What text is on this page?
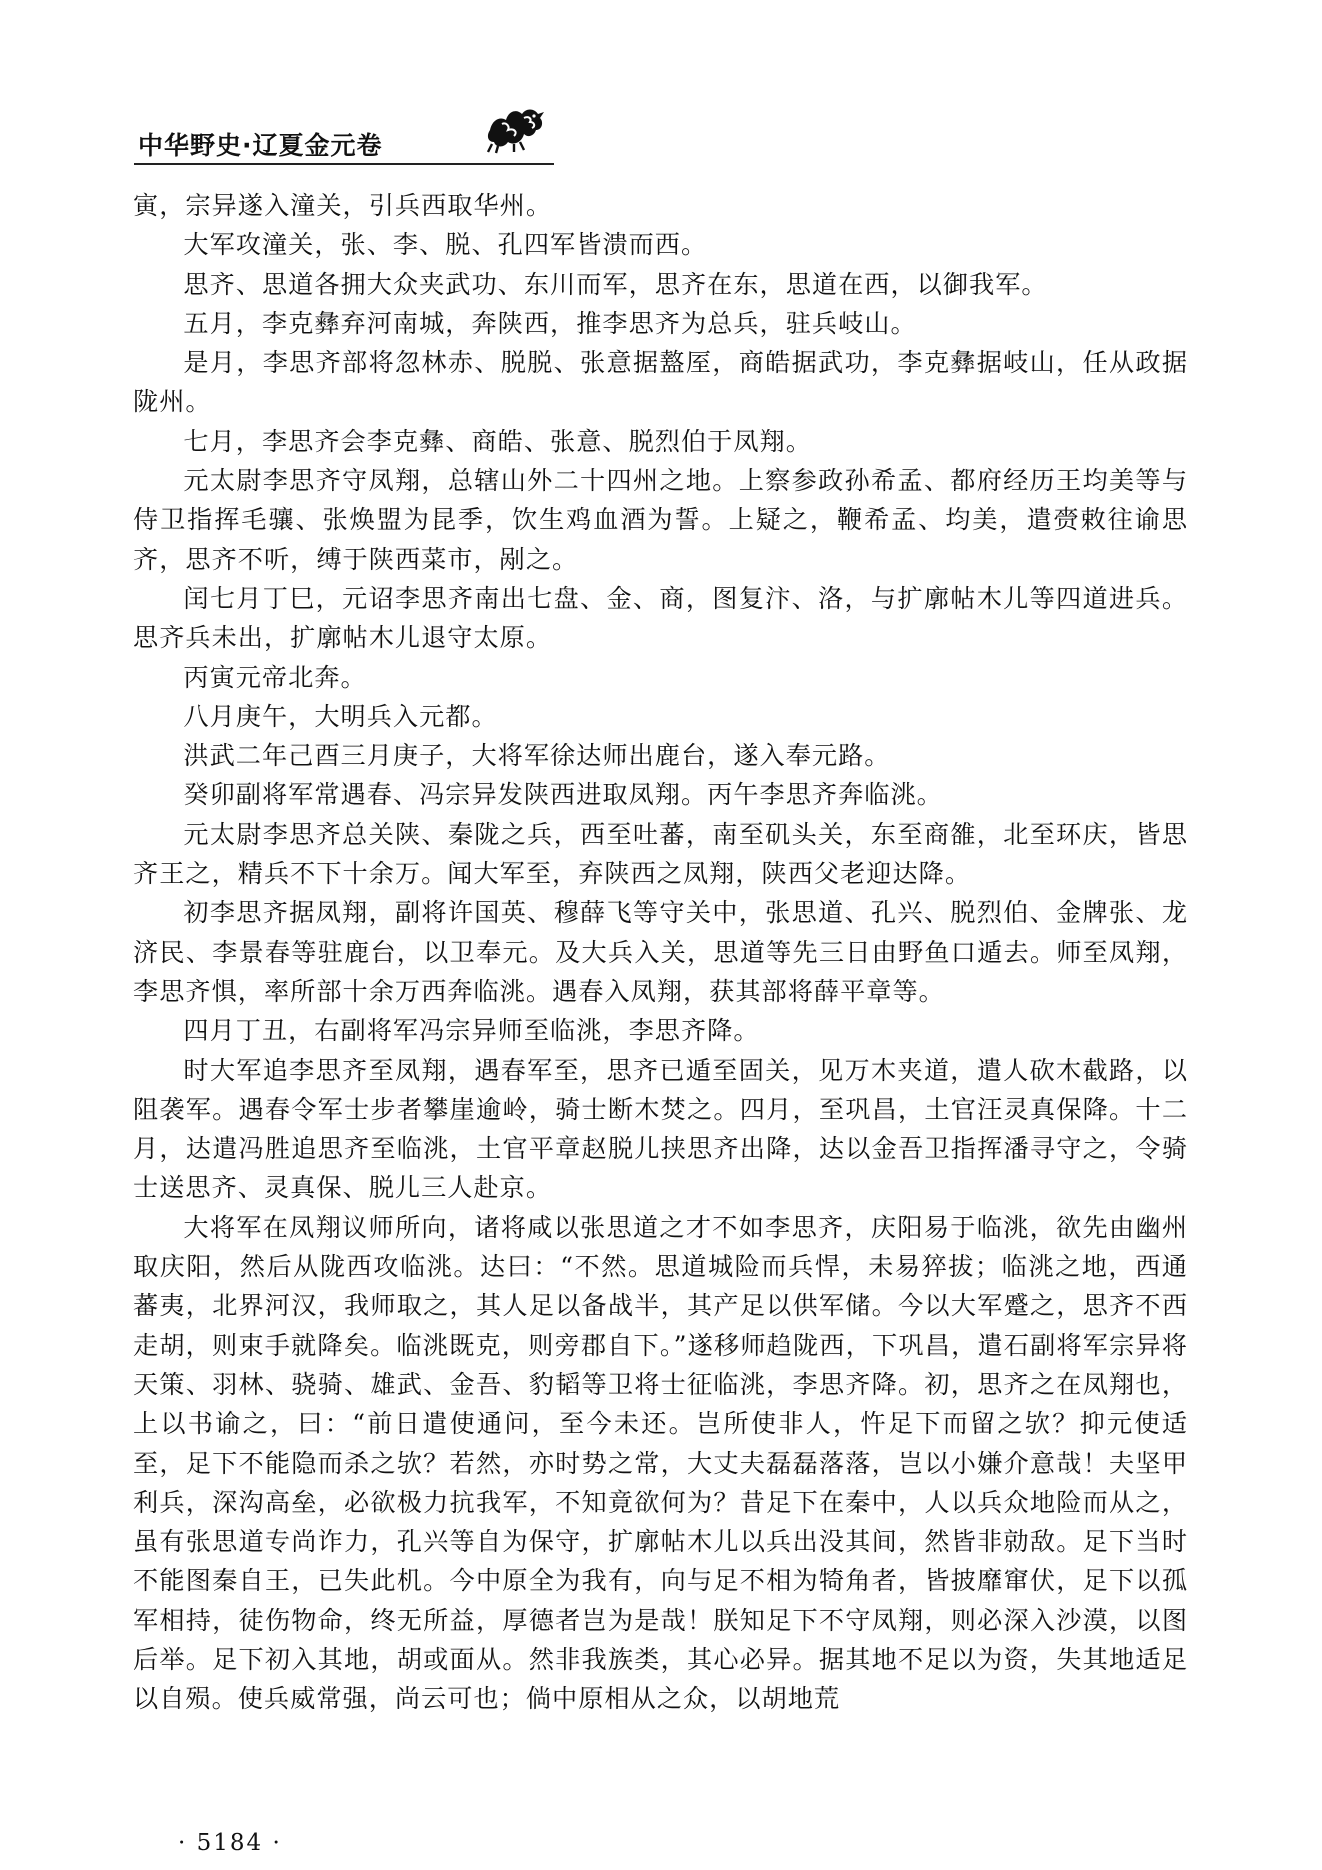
中华野史·辽夏金元卷

寅，宗异遂入潼关，引兵西取华州。

大军攻潼关，张、李、脱、孔四军皆溃而西。

思齐、思道各拥大众夹武功、东川而军，思齐在东，思道在西，以御我军。

五月，李克彝弃河南城，奔陕西，推李思齐为总兵，驻兵岐山。

是月，李思齐部将忽林赤、脱脱、张意据盩厔，商皓据武功，李克彝据岐山，任从政据陇州。

七月，李思齐会李克彝、商皓、张意、脱烈伯于凤翔。

元太尉李思齐守凤翔，总辖山外二十四州之地。上察参政孙希孟、都府经历王均美等与侍卫指挥毛骧、张焕盟为昆季，饮生鸡血酒为誓。上疑之，鞭希孟、均美，遣赍敕往谕思齐，思齐不听，缚于陕西菜市，剐之。

闰七月丁巳，元诏李思齐南出七盘、金、商，图复汴、洛，与扩廓帖木儿等四道进兵。思齐兵未出，扩廓帖木儿退守太原。

丙寅元帝北奔。

八月庚午，大明兵入元都。

洪武二年己酉三月庚子，大将军徐达师出鹿台，遂入奉元路。

癸卯副将军常遇春、冯宗异发陕西进取凤翔。丙午李思齐奔临洮。

元太尉李思齐总关陕、秦陇之兵，西至吐蕃，南至矶头关，东至商雒，北至环庆，皆思齐王之，精兵不下十余万。闻大军至，弃陕西之凤翔，陕西父老迎达降。

初李思齐据凤翔，副将许国英、穆薛飞等守关中，张思道、孔兴、脱烈伯、金牌张、龙济民、李景春等驻鹿台，以卫奉元。及大兵入关，思道等先三日由野鱼口遁去。师至凤翔，李思齐惧，率所部十余万西奔临洮。遇春入凤翔，获其部将薛平章等。

四月丁丑，右副将军冯宗异师至临洮，李思齐降。

时大军追李思齐至凤翔，遇春军至，思齐已遁至固关，见万木夹道，遣人砍木截路，以阻袭军。遇春令军士步者攀崖逾岭，骑士断木焚之。四月，至巩昌，土官汪灵真保降。十二月，达遣冯胜追思齐至临洮，土官平章赵脱儿挟思齐出降，达以金吾卫指挥潘寻守之，令骑士送思齐、灵真保、脱儿三人赴京。

大将军在凤翔议师所向，诸将咸以张思道之才不如李思齐，庆阳易于临洮，欲先由幽州取庆阳，然后从陇西攻临洮。达曰：“不然。思道城险而兵悍，未易猝拔；临洮之地，西通蕃夷，北界河汉，我师取之，其人足以备战半，其产足以供军储。今以大军蹙之，思齐不西走胡，则束手就降矣。临洮既克，则旁郡自下。”遂移师趋陇西，下巩昌，遣石副将军宗异将天策、羽林、骁骑、雄武、金吾、豹韬等卫将士征临洮，李思齐降。初，思齐之在凤翔也，上以书谕之，曰：“前日遣使通问，至今未还。岂所使非人，忤足下而留之欤？抑元使适至，足下不能隐而杀之欤？若然，亦时势之常，大丈夫磊磊落落，岂以小嫌介意哉！夫坚甲利兵，深沟高垒，必欲极力抗我军，不知竟欲何为？昔足下在秦中，人以兵众地险而从之，虽有张思道专尚诈力，孔兴等自为保守，扩廓帖木儿以兵出没其间，然皆非勍敌。足下当时不能图秦自王，已失此机。今中原全为我有，向与足不相为犄角者，皆披靡窜伏，足下以孤军相持，徒伤物命，终无所益，厚德者岂为是哉！朕知足下不守凤翔，则必深入沙漠，以图后举。足下初入其地，胡或面从。然非我族类，其心必异。据其地不足以为资，失其地适足以自殒。使兵威常强，尚云可也；倘中原相从之众，以胡地荒

· 5184 ·
